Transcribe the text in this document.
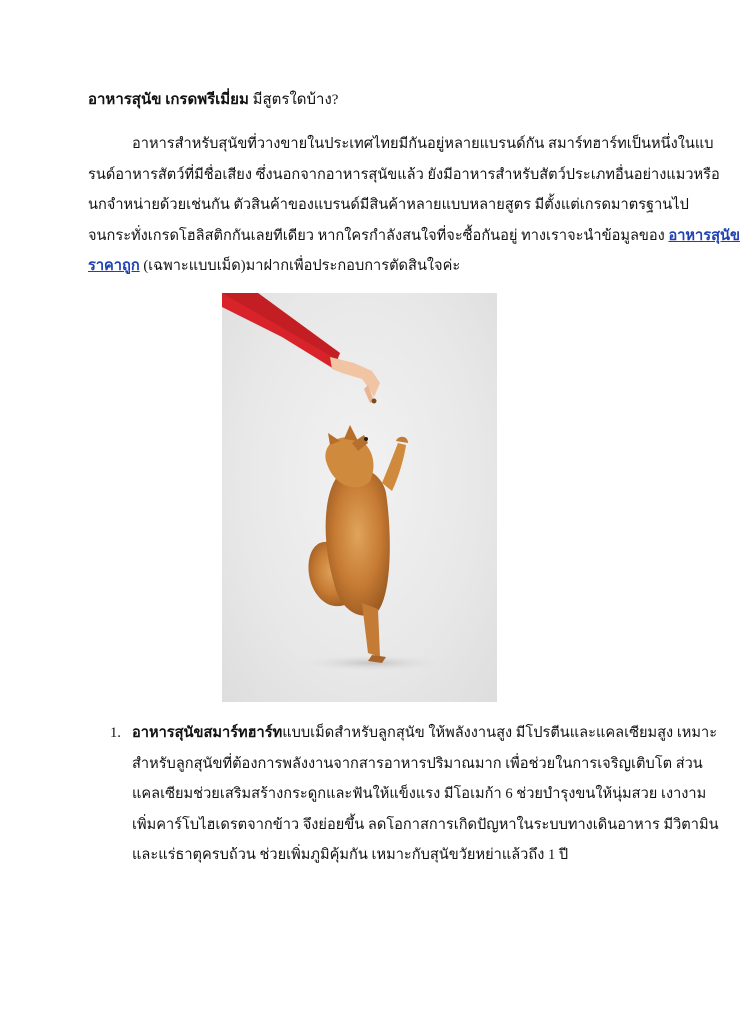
อาหารสุนัข เกรดพรีเมี่ยม มีสูตรใดบ้าง?
อาหารสำหรับสุนัขที่วางขายในประเทศไทยมีกันอยู่หลายแบรนด์กัน สมาร์ทฮาร์ทเป็นหนึ่งในแบ
รนด์อาหารสัตว์ที่มีชื่อเสียง ซึ่งนอกจากอาหารสุนัขแล้ว ยังมีอาหารสำหรับสัตว์ประเภทอื่นอย่างแมวหรือ
นกจำหน่ายด้วยเช่นกัน ตัวสินค้าของแบรนด์มีสินค้าหลายแบบหลายสูตร มีตั้งแต่เกรดมาตรฐานไป
จนกระทั่งเกรดโฮลิสติกกันเลยทีเดียว หากใครกำลังสนใจที่จะซื้อกันอยู่ ทางเราจะนำข้อมูลของ อาหารสุนัข
ราคาถูก (เฉพาะแบบเม็ด)มาฝากเพื่อประกอบการตัดสินใจค่ะ
1. อาหารสุนัขสมาร์ทฮาร์ทแบบเม็ดสำหรับลูกสุนัข ให้พลังงานสูง มีโปรตีนและแคลเซียมสูง เหมาะ
สำหรับลูกสุนัขที่ต้องการพลังงานจากสารอาหารปริมาณมาก เพื่อช่วยในการเจริญเติบโต ส่วน
แคลเซียมช่วยเสริมสร้างกระดูกและฟันให้แข็งแรง มีโอเมก้า 6 ช่วยบำรุงขนให้นุ่มสวย เงางาม
เพิ่มคาร์โบไฮเดรตจากข้าว จึงย่อยขึ้น ลดโอกาสการเกิดปัญหาในระบบทางเดินอาหาร มีวิตามิน
และแร่ธาตุครบถ้วน ช่วยเพิ่มภูมิคุ้มกัน เหมาะกับสุนัขวัยหย่าแล้วถึง 1 ปี
